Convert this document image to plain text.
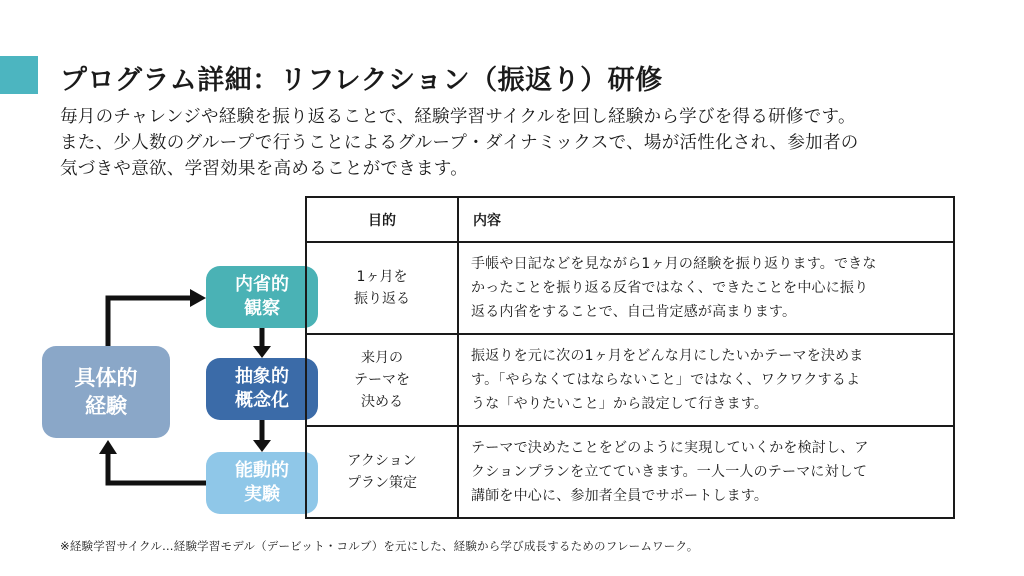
プログラム詳細：リフレクション（振返り）研修

毎月のチャレンジや経験を振り返ることで、経験学習サイクルを回し経験から学びを得る研修です。
また、少人数のグループで行うことによるグループ・ダイナミックスで、場が活性化され、参加者の
気づきや意欲、学習効果を高めることができます。

具体的
経験
内省的
観察
抽象的
概念化
能動的
実験
目的	内容
1ヶ月を
振り返る	手帳や日記などを見ながら1ヶ月の経験を振り返ります。できな
かったことを振り返る反省ではなく、できたことを中心に振り
返る内省をすることで、自己肯定感が高まります。

来月の
テーマを
決める	振返りを元に次の1ヶ月をどんな月にしたいかテーマを決めま
す。「やらなくてはならないこと」ではなく、ワクワクするよ
うな「やりたいこと」から設定して行きます。

アクション
プラン策定	テーマで決めたことをどのように実現していくかを検討し、ア
クションプランを立てていきます。一人一人のテーマに対して
講師を中心に、参加者全員でサポートします。

※経験学習サイクル…経験学習モデル（デービット・コルブ）を元にした、経験から学び成長するためのフレームワーク。
